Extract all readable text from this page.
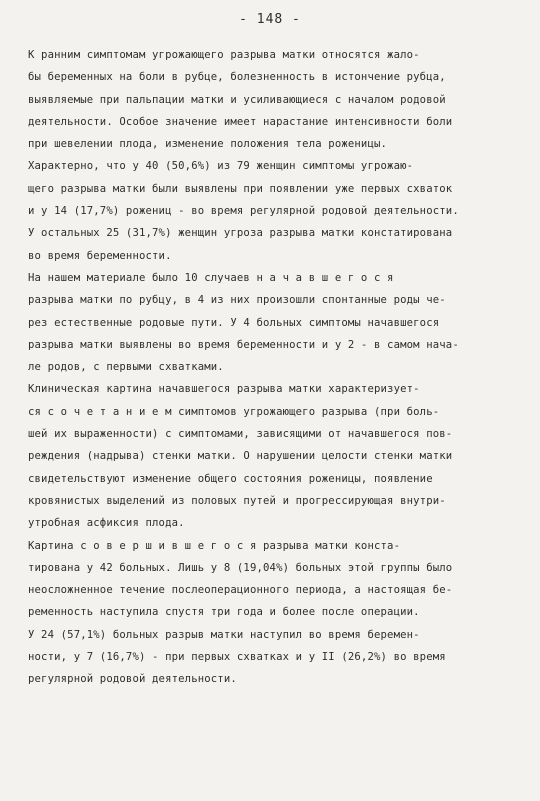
- 148 -
К ранним симптомам угрожающего разрыва матки относятся жало-
бы беременных на боли в рубце, болезненность в истончение рубца,
выявляемые при пальпации матки и усиливающиеся с началом родовой
деятельности. Особое значение имеет нарастание интенсивности боли
при шевелении плода, изменение положения тела роженицы.
Характерно, что у 40 (50,6%) из 79 женщин симптомы угрожаю-
щего разрыва матки были выявлены при появлении уже первых схваток
и у 14 (17,7%) рожениц - во время регулярной родовой деятельности.
У остальных 25 (31,7%) женщин угроза разрыва матки констатирована
во время беременности.
На нашем материале было 10 случаев н а ч а в ш е г о с я
разрыва матки по рубцу, в 4 из них произошли спонтанные роды че-
рез естественные родовые пути. У 4 больных симптомы начавшегося
разрыва матки выявлены во время беременности и у 2 - в самом нача-
ле родов, с первыми схватками.
Клиническая картина начавшегося разрыва матки характеризует-
ся с о ч е т а н и е м симптомов угрожающего разрыва (при боль-
шей их выраженности) с симптомами, зависящими от начавшегося пов-
реждения (надрыва) стенки матки. О нарушении целости стенки матки
свидетельствуют изменение общего состояния роженицы, появление
кровянистых выделений из половых путей и прогрессирующая внутри-
утробная асфиксия плода.
Картина с о в е р ш и в ш е г о с я разрыва матки конста-
тирована у 42 больных. Лишь у 8 (19,04%) больных этой группы было
неосложненное течение послеоперационного периода, а настоящая бе-
ременность наступила спустя три года и более после операции.
У 24 (57,1%) больных разрыв матки наступил во время беремен-
ности, у 7 (16,7%) - при первых схватках и у II (26,2%) во время
регулярной родовой деятельности.
